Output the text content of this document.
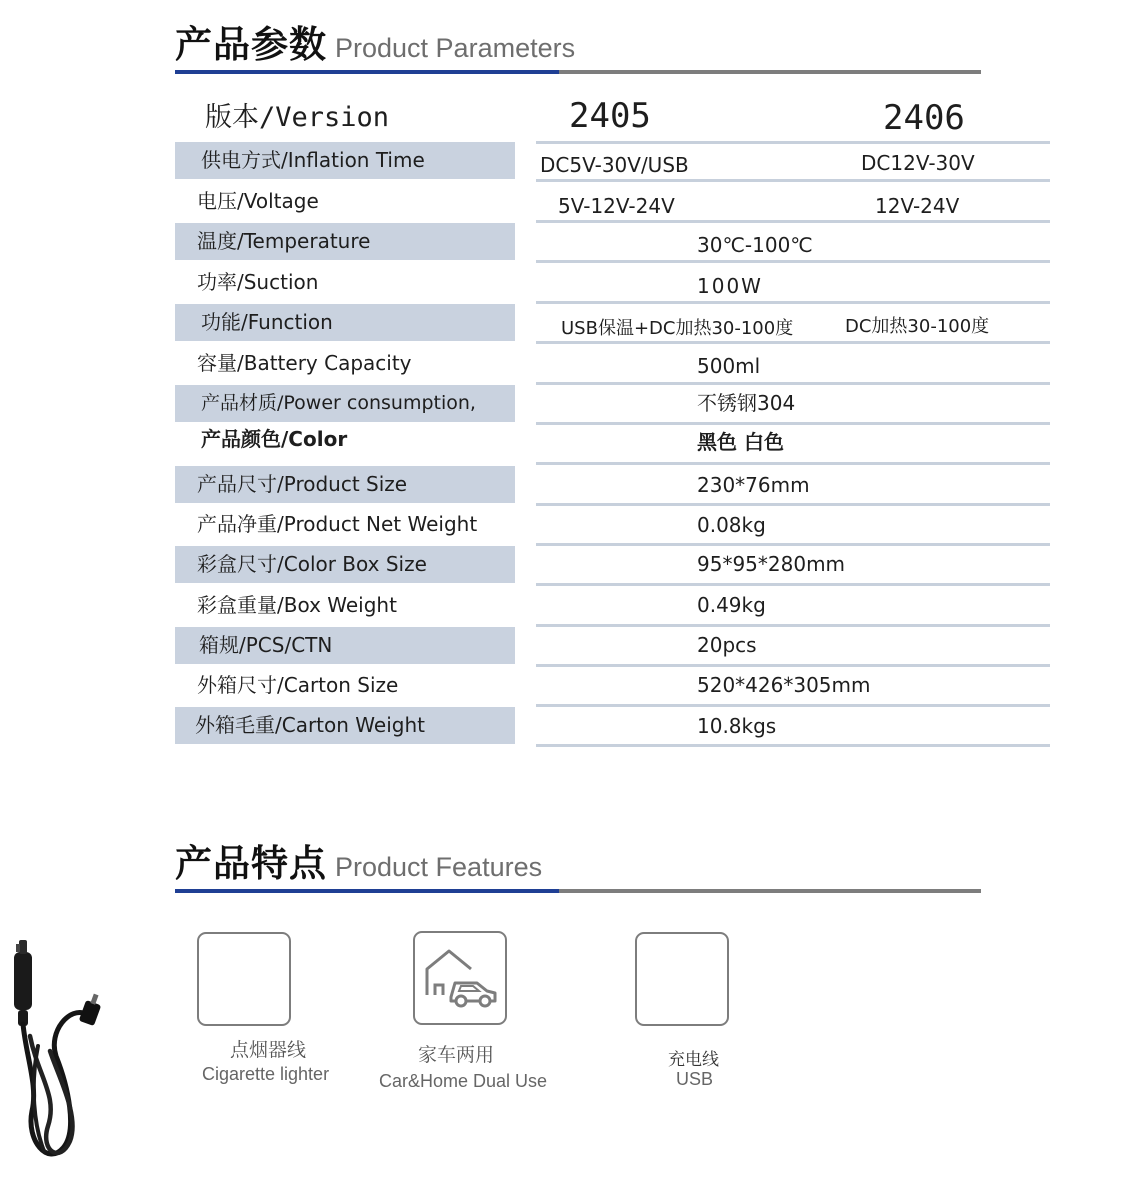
产品参数 Product Parameters
版本/Version	2405	2406
供电方式/Inflation Time	DC5V-30V/USB	DC12V-30V
电压/Voltage	5V-12V-24V	12V-24V
温度/Temperature	30℃-100℃
功率/Suction	100W
功能/Function	USB保温+DC加热30-100度	DC加热30-100度
容量/Battery Capacity	500ml
产品材质/Power consumption,	不锈钢304
产品颜色/Color	黑色 白色
产品尺寸/Product Size	230*76mm
产品净重/Product Net Weight	0.08kg
彩盒尺寸/Color Box Size	95*95*280mm
彩盒重量/Box Weight	0.49kg
箱规/PCS/CTN	20pcs
外箱尺寸/Carton Size	520*426*305mm
外箱毛重/Carton Weight	10.8kgs
产品特点 Product Features
点烟器线
Cigarette lighter
家车两用
Car&Home Dual Use
充电线
USB
